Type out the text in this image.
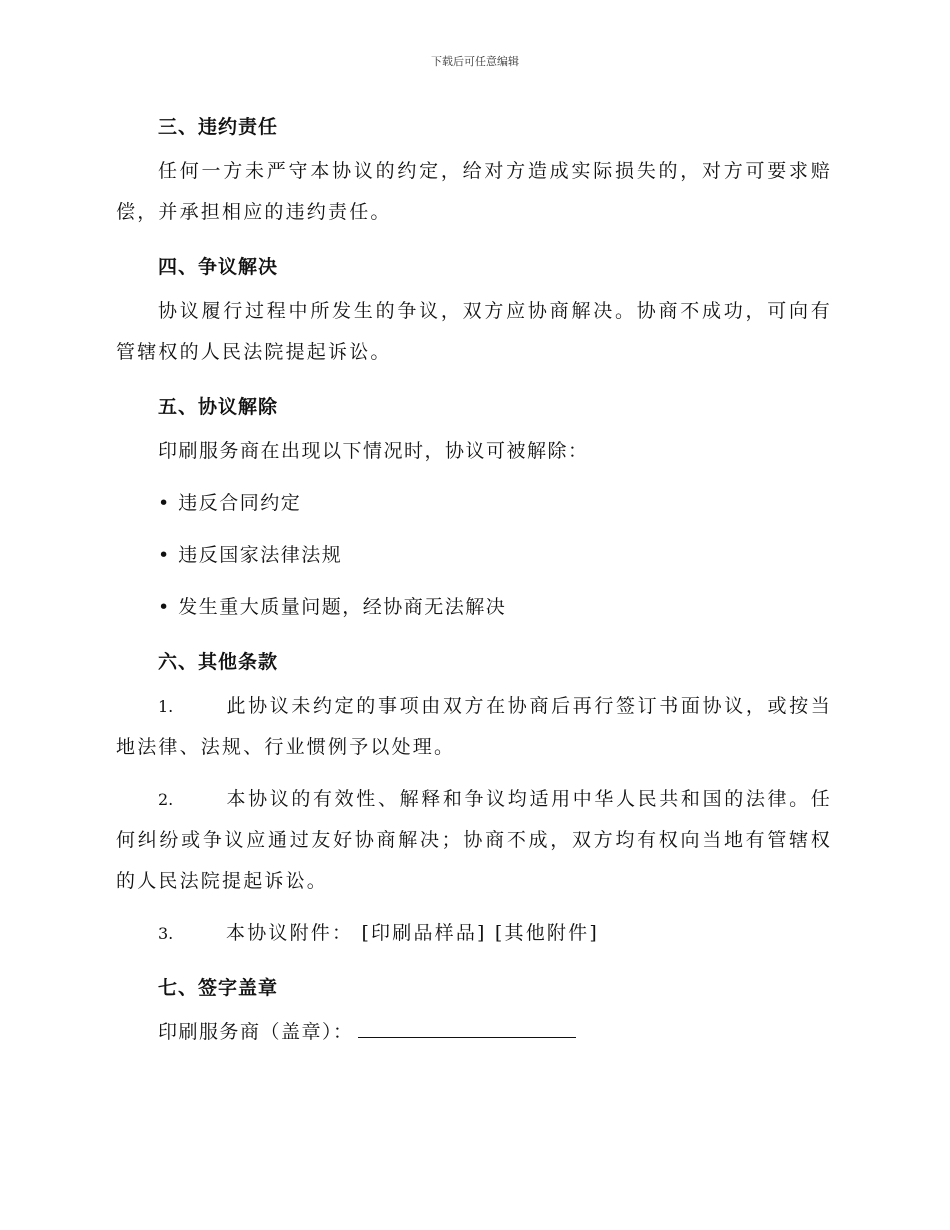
下载后可任意编辑
三、违约责任

任何一方未严守本协议的约定，给对方造成实际损失的，对方可要求赔偿，并承担相应的违约责任。

四、争议解决

协议履行过程中所发生的争议，双方应协商解决。协商不成功，可向有管辖权的人民法院提起诉讼。

五、协议解除

印刷服务商在出现以下情况时，协议可被解除：

• 违反合同约定

• 违反国家法律法规

• 发生重大质量问题，经协商无法解决

六、其他条款

1.	此协议未约定的事项由双方在协商后再行签订书面协议，或按当地法律、法规、行业惯例予以处理。

2.	本协议的有效性、解释和争议均适用中华人民共和国的法律。任何纠纷或争议应通过友好协商解决；协商不成，双方均有权向当地有管辖权的人民法院提起诉讼。

3.	本协议附件： [印刷品样品] [其他附件]

七、签字盖章

印刷服务商（盖章）：
